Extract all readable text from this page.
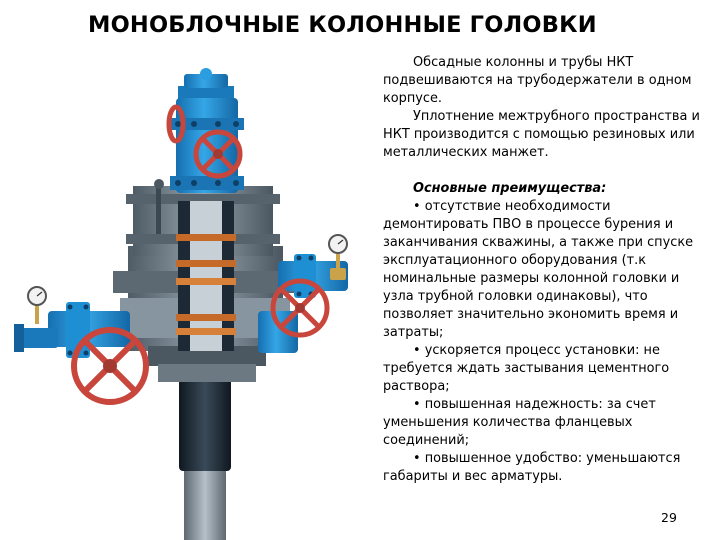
МОНОБЛОЧНЫЕ КОЛОННЫЕ ГОЛОВКИ

Обсадные колонны и трубы НКТ подвешиваются на трубодержатели в одном корпусе.

Уплотнение межтрубного пространства и НКТ производится с помощью резиновых или металлических манжет.

Основные преимущества:

• отсутствие необходимости демонтировать ПВО в процессе бурения и заканчивания скважины, а также при спуске эксплуатационного оборудования (т.к номинальные размеры колонной головки и узла трубной головки одинаковы), что позволяет значительно экономить время и затраты;

• ускоряется процесс установки: не требуется ждать застывания цементного раствора;

• повышенная надежность: за счет уменьшения количества фланцевых соединений;

• повышенное удобство: уменьшаются габариты и вес арматуры.

29
